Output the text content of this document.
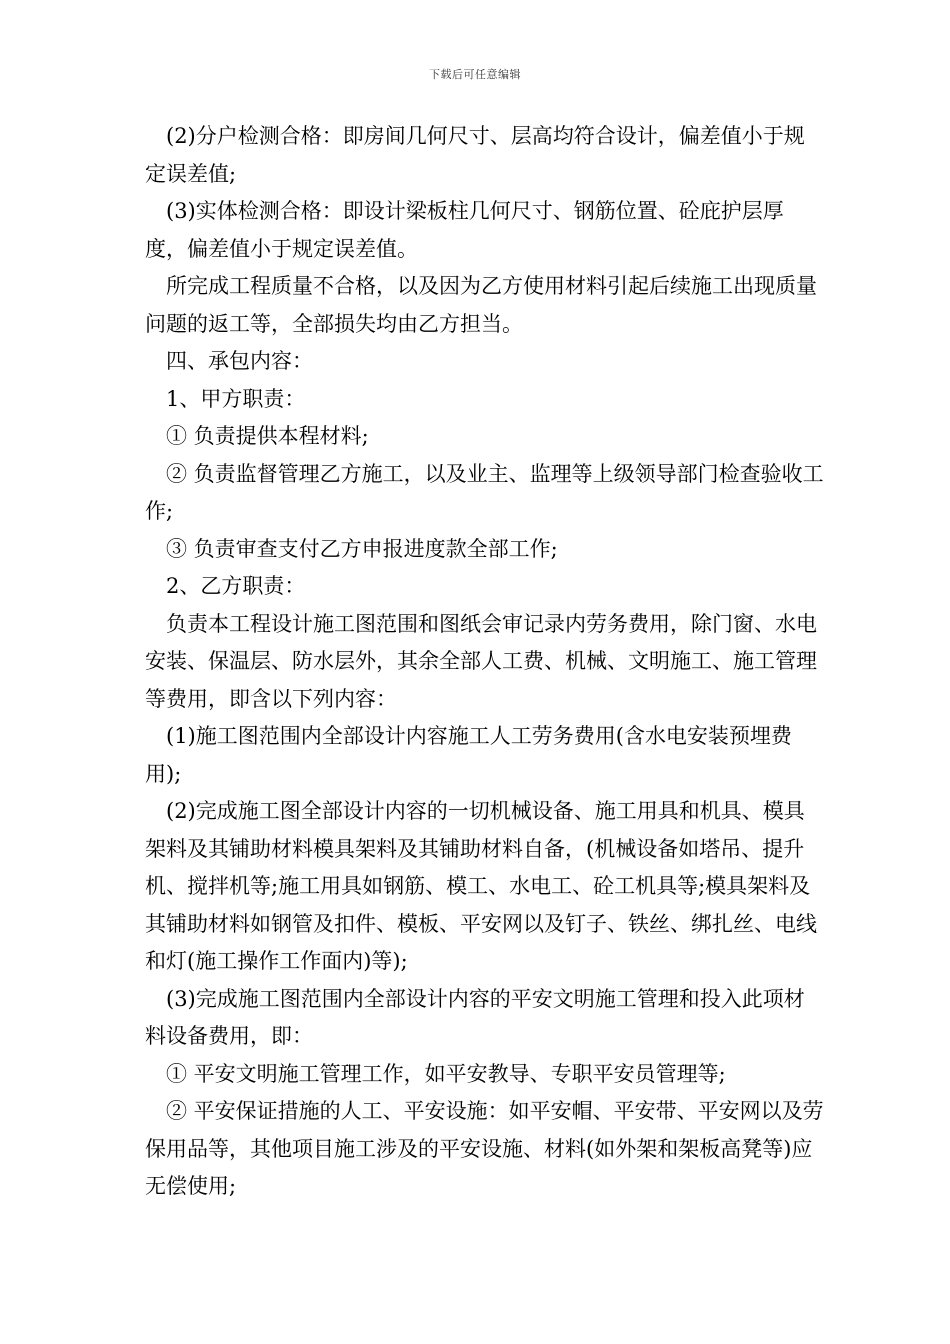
下载后可任意编辑

(2)分户检测合格：即房间几何尺寸、层高均符合设计，偏差值小于规定误差值;

(3)实体检测合格：即设计梁板柱几何尺寸、钢筋位置、砼庇护层厚度，偏差值小于规定误差值。

所完成工程质量不合格，以及因为乙方使用材料引起后续施工出现质量问题的返工等，全部损失均由乙方担当。

四、承包内容：

1、甲方职责：

① 负责提供本程材料;

② 负责监督管理乙方施工，以及业主、监理等上级领导部门检查验收工作;

③ 负责审查支付乙方申报进度款全部工作;

2、乙方职责：

负责本工程设计施工图范围和图纸会审记录内劳务费用，除门窗、水电安装、保温层、防水层外，其余全部人工费、机械、文明施工、施工管理等费用，即含以下列内容：

(1)施工图范围内全部设计内容施工人工劳务费用(含水电安装预埋费用);

(2)完成施工图全部设计内容的一切机械设备、施工用具和机具、模具架料及其铺助材料模具架料及其铺助材料自备，(机械设备如塔吊、提升机、搅拌机等;施工用具如钢筋、模工、水电工、砼工机具等;模具架料及其铺助材料如钢管及扣件、模板、平安网以及钉子、铁丝、绑扎丝、电线和灯(施工操作工作面内)等);

(3)完成施工图范围内全部设计内容的平安文明施工管理和投入此项材料设备费用，即：

① 平安文明施工管理工作，如平安教导、专职平安员管理等;

② 平安保证措施的人工、平安设施：如平安帽、平安带、平安网以及劳保用品等，其他项目施工涉及的平安设施、材料(如外架和架板高凳等)应无偿使用;
